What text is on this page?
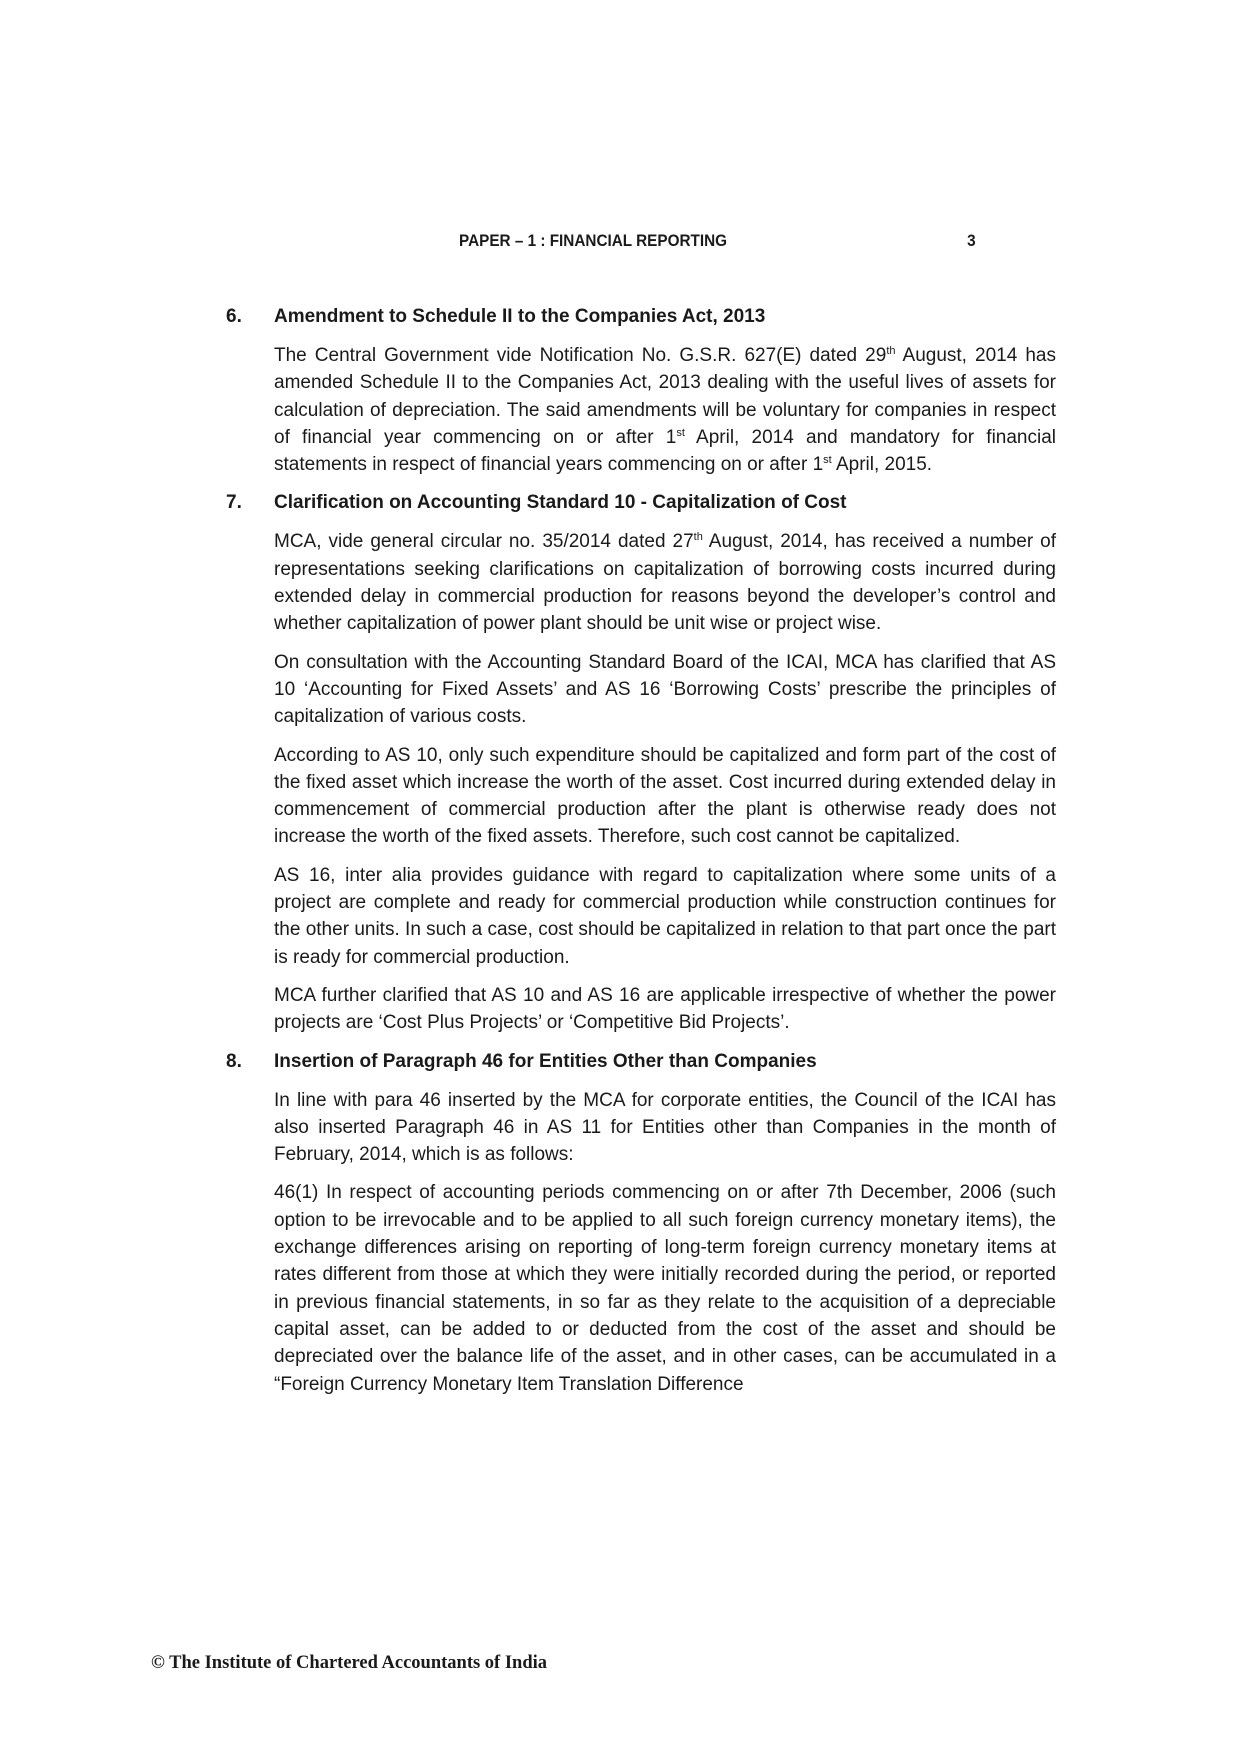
PAPER – 1 : FINANCIAL REPORTING	3
6. Amendment to Schedule II to the Companies Act, 2013

The Central Government vide Notification No. G.S.R. 627(E) dated 29th August, 2014 has amended Schedule II to the Companies Act, 2013 dealing with the useful lives of assets for calculation of depreciation. The said amendments will be voluntary for companies in respect of financial year commencing on or after 1st April, 2014 and mandatory for financial statements in respect of financial years commencing on or after 1st April, 2015.

7. Clarification on Accounting Standard 10 - Capitalization of Cost

MCA, vide general circular no. 35/2014 dated 27th August, 2014, has received a number of representations seeking clarifications on capitalization of borrowing costs incurred during extended delay in commercial production for reasons beyond the developer’s control and whether capitalization of power plant should be unit wise or project wise.

On consultation with the Accounting Standard Board of the ICAI, MCA has clarified that AS 10 ‘Accounting for Fixed Assets’ and AS 16 ‘Borrowing Costs’ prescribe the principles of capitalization of various costs.

According to AS 10, only such expenditure should be capitalized and form part of the cost of the fixed asset which increase the worth of the asset. Cost incurred during extended delay in commencement of commercial production after the plant is otherwise ready does not increase the worth of the fixed assets. Therefore, such cost cannot be capitalized.

AS 16, inter alia provides guidance with regard to capitalization where some units of a project are complete and ready for commercial production while construction continues for the other units. In such a case, cost should be capitalized in relation to that part once the part is ready for commercial production.

MCA further clarified that AS 10 and AS 16 are applicable irrespective of whether the power projects are ‘Cost Plus Projects’ or ‘Competitive Bid Projects’.

8. Insertion of Paragraph 46 for Entities Other than Companies

In line with para 46 inserted by the MCA for corporate entities, the Council of the ICAI has also inserted Paragraph 46 in AS 11 for Entities other than Companies in the month of February, 2014, which is as follows:

46(1) In respect of accounting periods commencing on or after 7th December, 2006 (such option to be irrevocable and to be applied to all such foreign currency monetary items), the exchange differences arising on reporting of long-term foreign currency monetary items at rates different from those at which they were initially recorded during the period, or reported in previous financial statements, in so far as they relate to the acquisition of a depreciable capital asset, can be added to or deducted from the cost of the asset and should be depreciated over the balance life of the asset, and in other cases, can be accumulated in a “Foreign Currency Monetary Item Translation Difference

© The Institute of Chartered Accountants of India
